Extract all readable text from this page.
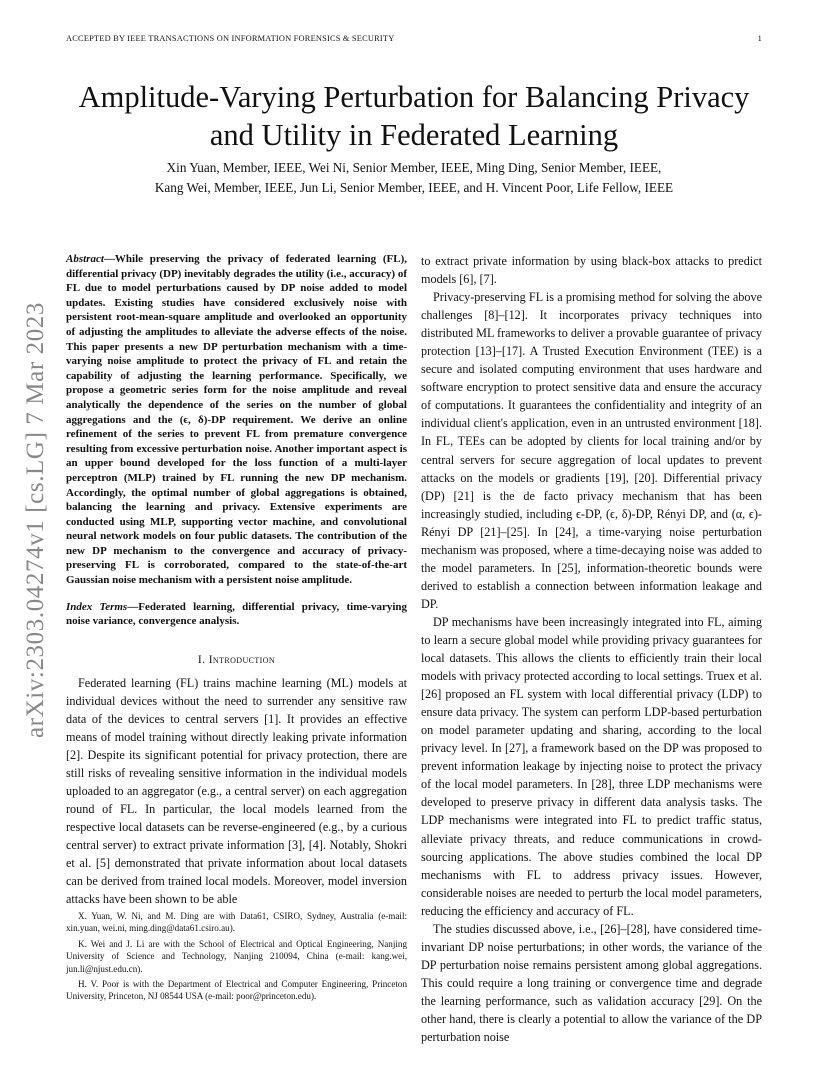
ACCEPTED BY IEEE TRANSACTIONS ON INFORMATION FORENSICS & SECURITY	1
arXiv:2303.04274v1 [cs.LG] 7 Mar 2023
Amplitude-Varying Perturbation for Balancing Privacy and Utility in Federated Learning
Xin Yuan, Member, IEEE, Wei Ni, Senior Member, IEEE, Ming Ding, Senior Member, IEEE,
Kang Wei, Member, IEEE, Jun Li, Senior Member, IEEE, and H. Vincent Poor, Life Fellow, IEEE

Abstract—While preserving the privacy of federated learning (FL), differential privacy (DP) inevitably degrades the utility (i.e., accuracy) of FL due to model perturbations caused by DP noise added to model updates. Existing studies have considered exclusively noise with persistent root-mean-square amplitude and overlooked an opportunity of adjusting the amplitudes to alleviate the adverse effects of the noise. This paper presents a new DP perturbation mechanism with a time-varying noise amplitude to protect the privacy of FL and retain the capability of adjusting the learning performance. Specifically, we propose a geometric series form for the noise amplitude and reveal analytically the dependence of the series on the number of global aggregations and the (ϵ, δ)-DP requirement. We derive an online refinement of the series to prevent FL from premature convergence resulting from excessive perturbation noise. Another important aspect is an upper bound developed for the loss function of a multi-layer perceptron (MLP) trained by FL running the new DP mechanism. Accordingly, the optimal number of global aggregations is obtained, balancing the learning and privacy. Extensive experiments are conducted using MLP, supporting vector machine, and convolutional neural network models on four public datasets. The contribution of the new DP mechanism to the convergence and accuracy of privacy-preserving FL is corroborated, compared to the state-of-the-art Gaussian noise mechanism with a persistent noise amplitude.

Index Terms—Federated learning, differential privacy, time-varying noise variance, convergence analysis.

I. Introduction

Federated learning (FL) trains machine learning (ML) models at individual devices without the need to surrender any sensitive raw data of the devices to central servers [1]. It provides an effective means of model training without directly leaking private information [2]. Despite its significant potential for privacy protection, there are still risks of revealing sensitive information in the individual models uploaded to an aggregator (e.g., a central server) on each aggregation round of FL. In particular, the local models learned from the respective local datasets can be reverse-engineered (e.g., by a curious central server) to extract private information [3], [4]. Notably, Shokri et al. [5] demonstrated that private information about local datasets can be derived from trained local models. Moreover, model inversion attacks have been shown to be able

to extract private information by using black-box attacks to predict models [6], [7].

Privacy-preserving FL is a promising method for solving the above challenges [8]–[12]. It incorporates privacy techniques into distributed ML frameworks to deliver a provable guarantee of privacy protection [13]–[17]. A Trusted Execution Environment (TEE) is a secure and isolated computing environment that uses hardware and software encryption to protect sensitive data and ensure the accuracy of computations. It guarantees the confidentiality and integrity of an individual client's application, even in an untrusted environment [18]. In FL, TEEs can be adopted by clients for local training and/or by central servers for secure aggregation of local updates to prevent attacks on the models or gradients [19], [20]. Differential privacy (DP) [21] is the de facto privacy mechanism that has been increasingly studied, including ϵ-DP, (ϵ, δ)-DP, Rényi DP, and (α, ϵ)-Rényi DP [21]–[25]. In [24], a time-varying noise perturbation mechanism was proposed, where a time-decaying noise was added to the model parameters. In [25], information-theoretic bounds were derived to establish a connection between information leakage and DP.

DP mechanisms have been increasingly integrated into FL, aiming to learn a secure global model while providing privacy guarantees for local datasets. This allows the clients to efficiently train their local models with privacy protected according to local settings. Truex et al. [26] proposed an FL system with local differential privacy (LDP) to ensure data privacy. The system can perform LDP-based perturbation on model parameter updating and sharing, according to the local privacy level. In [27], a framework based on the DP was proposed to prevent information leakage by injecting noise to protect the privacy of the local model parameters. In [28], three LDP mechanisms were developed to preserve privacy in different data analysis tasks. The LDP mechanisms were integrated into FL to predict traffic status, alleviate privacy threats, and reduce communications in crowd-sourcing applications. The above studies combined the local DP mechanisms with FL to address privacy issues. However, considerable noises are needed to perturb the local model parameters, reducing the efficiency and accuracy of FL.

The studies discussed above, i.e., [26]–[28], have considered time-invariant DP noise perturbations; in other words, the variance of the DP perturbation noise remains persistent among global aggregations. This could require a long training or convergence time and degrade the learning performance, such as validation accuracy [29]. On the other hand, there is clearly a potential to allow the variance of the DP perturbation noise

X. Yuan, W. Ni, and M. Ding are with Data61, CSIRO, Sydney, Australia (e-mail: xin.yuan, wei.ni, ming.ding@data61.csiro.au).

K. Wei and J. Li are with the School of Electrical and Optical Engineering, Nanjing University of Science and Technology, Nanjing 210094, China (e-mail: kang.wei, jun.li@njust.edu.cn).

H. V. Poor is with the Department of Electrical and Computer Engineering, Princeton University, Princeton, NJ 08544 USA (e-mail: poor@princeton.edu).
